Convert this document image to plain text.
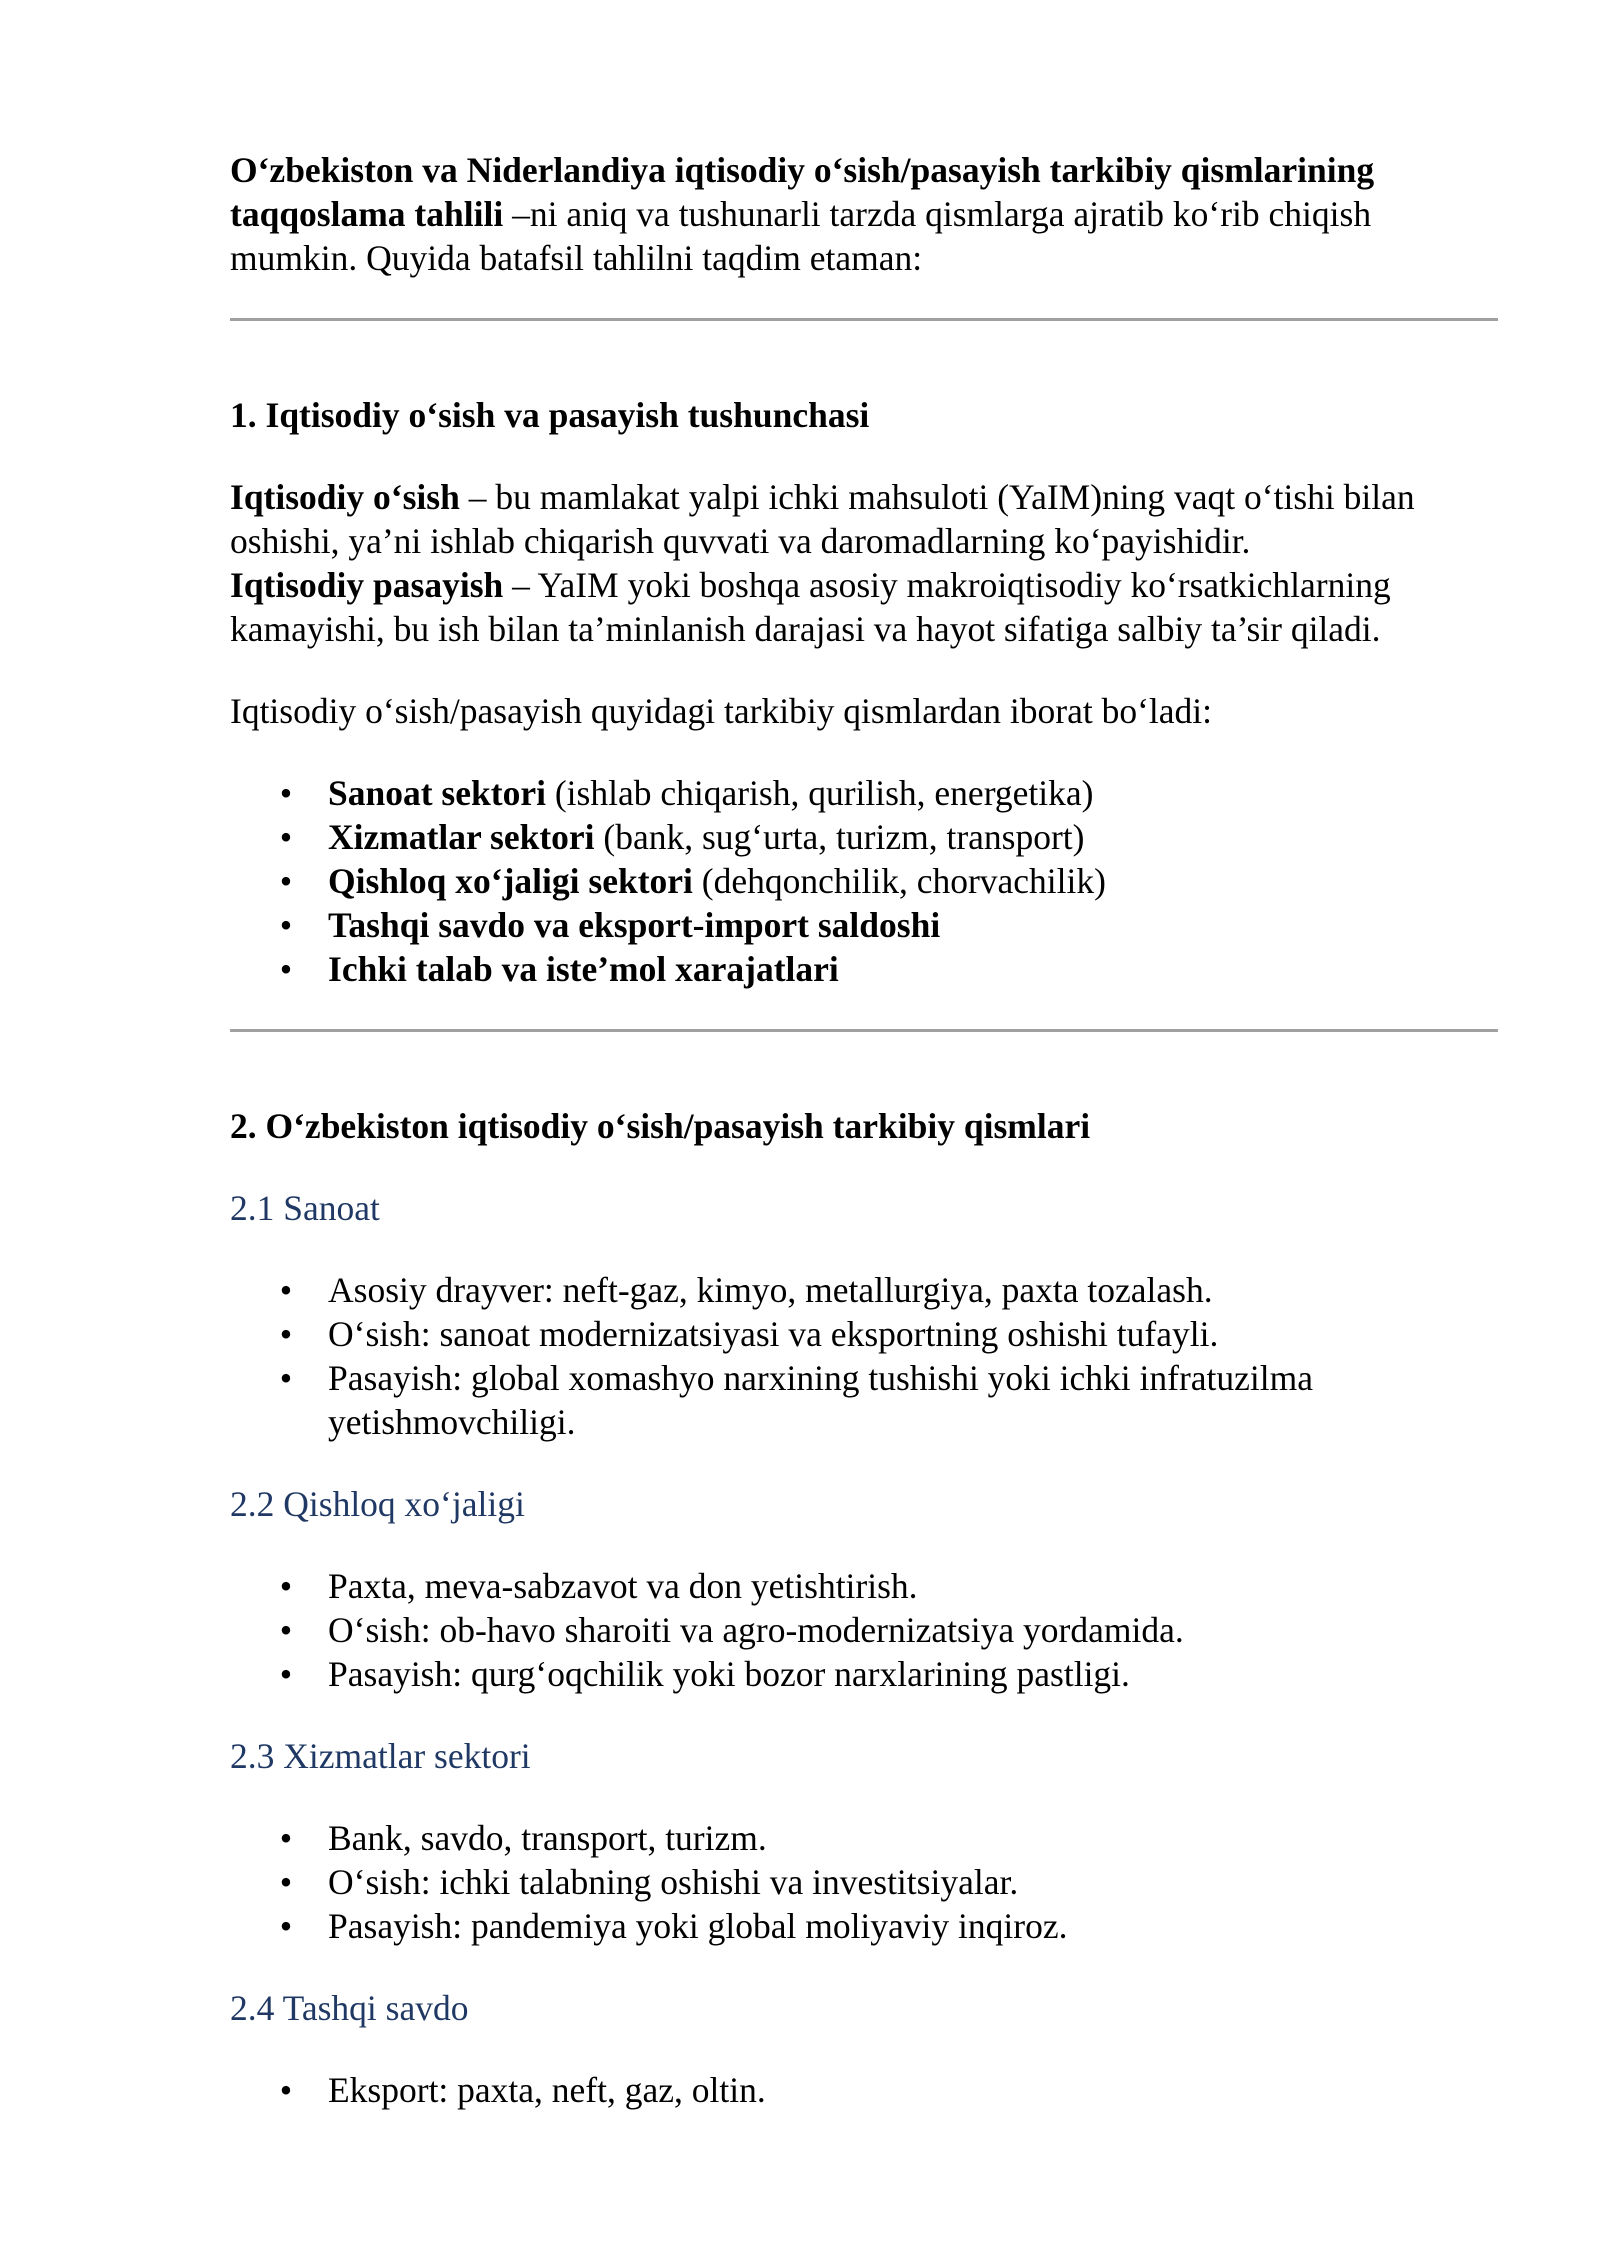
O‘zbekiston va Niderlandiya iqtisodiy o‘sish/pasayish tarkibiy qismlarining taqqoslama tahlili –ni aniq va tushunarli tarzda qismlarga ajratib ko‘rib chiqish mumkin. Quyida batafsil tahlilni taqdim etaman:

1. Iqtisodiy o‘sish va pasayish tushunchasi

Iqtisodiy o‘sish – bu mamlakat yalpi ichki mahsuloti (YaIM)ning vaqt o‘tishi bilan oshishi, ya’ni ishlab chiqarish quvvati va daromadlarning ko‘payishidir.
Iqtisodiy pasayish – YaIM yoki boshqa asosiy makroiqtisodiy ko‘rsatkichlarning kamayishi, bu ish bilan ta’minlanish darajasi va hayot sifatiga salbiy ta’sir qiladi.

Iqtisodiy o‘sish/pasayish quyidagi tarkibiy qismlardan iborat bo‘ladi:

• Sanoat sektori (ishlab chiqarish, qurilish, energetika)
• Xizmatlar sektori (bank, sug‘urta, turizm, transport)
• Qishloq xo‘jaligi sektori (dehqonchilik, chorvachilik)
• Tashqi savdo va eksport-import saldoshi
• Ichki talab va iste’mol xarajatlari

2. O‘zbekiston iqtisodiy o‘sish/pasayish tarkibiy qismlari

2.1 Sanoat

• Asosiy drayver: neft-gaz, kimyo, metallurgiya, paxta tozalash.
• O‘sish: sanoat modernizatsiyasi va eksportning oshishi tufayli.
• Pasayish: global xomashyo narxining tushishi yoki ichki infratuzilma yetishmovchiligi.

2.2 Qishloq xo‘jaligi

• Paxta, meva-sabzavot va don yetishtirish.
• O‘sish: ob-havo sharoiti va agro-modernizatsiya yordamida.
• Pasayish: qurg‘oqchilik yoki bozor narxlarining pastligi.

2.3 Xizmatlar sektori

• Bank, savdo, transport, turizm.
• O‘sish: ichki talabning oshishi va investitsiyalar.
• Pasayish: pandemiya yoki global moliyaviy inqiroz.

2.4 Tashqi savdo

• Eksport: paxta, neft, gaz, oltin.
